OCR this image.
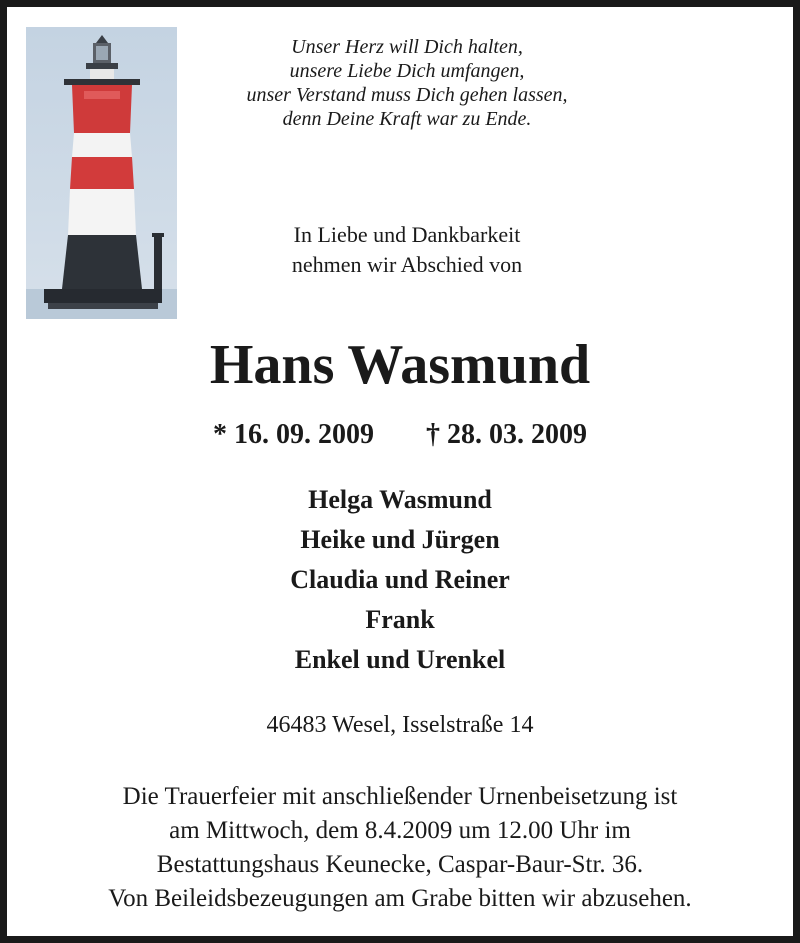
Unser Herz will Dich halten,
unsere Liebe Dich umfangen,
unser Verstand muss Dich gehen lassen,
denn Deine Kraft war zu Ende.
In Liebe und Dankbarkeit
nehmen wir Abschied von
Hans Wasmund
* 16. 09. 2009 † 28. 03. 2009
Helga Wasmund
Heike und Jürgen
Claudia und Reiner
Frank
Enkel und Urenkel
46483 Wesel, Isselstraße 14
Die Trauerfeier mit anschließender Urnenbeisetzung ist
am Mittwoch, dem 8.4.2009 um 12.00 Uhr im
Bestattungshaus Keunecke, Caspar-Baur-Str. 36.
Von Beileidsbezeugungen am Grabe bitten wir abzusehen.
